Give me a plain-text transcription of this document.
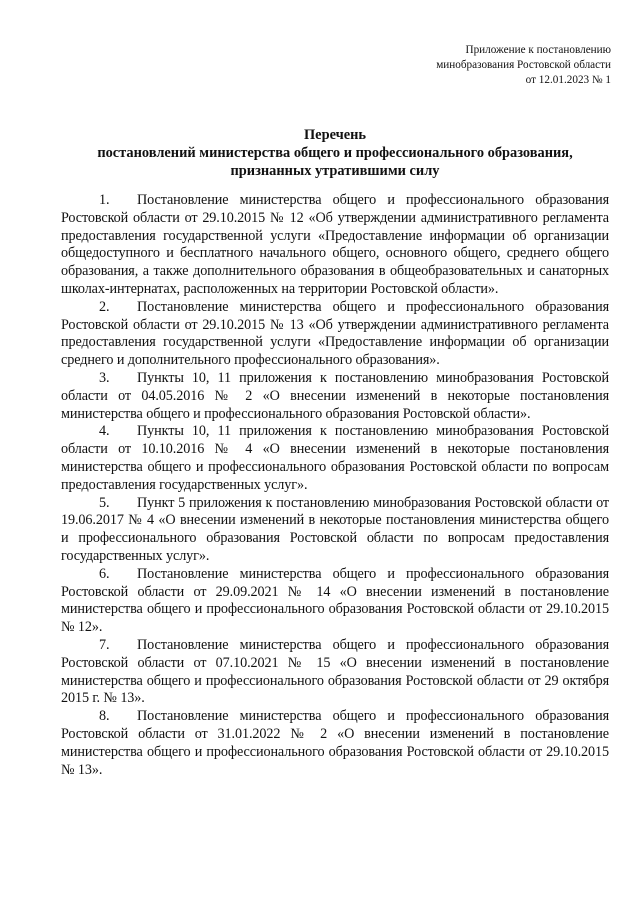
Приложение к постановлению
минобразования Ростовской области
от 12.01.2023 № 1
Перечень
постановлений министерства общего и профессионального образования,
признанных утратившими силу

1. Постановление министерства общего и профессионального образования Ростовской области от 29.10.2015 № 12 «Об утверждении административного регламента предоставления государственной услуги «Предоставление информации об организации общедоступного и бесплатного начального общего, основного общего, среднего общего образования, а также дополнительного образования в общеобразовательных и санаторных школах-интернатах, расположенных на территории Ростовской области».

2. Постановление министерства общего и профессионального образования Ростовской области от 29.10.2015 № 13 «Об утверждении административного регламента предоставления государственной услуги «Предоставление информации об организации среднего и дополнительного профессионального образования».

3. Пункты 10, 11 приложения к постановлению минобразования Ростовской области от 04.05.2016 № 2 «О внесении изменений в некоторые постановления министерства общего и профессионального образования Ростовской области».

4. Пункты 10, 11 приложения к постановлению минобразования Ростовской области от 10.10.2016 № 4 «О внесении изменений в некоторые постановления министерства общего и профессионального образования Ростовской области по вопросам предоставления государственных услуг».

5. Пункт 5 приложения к постановлению минобразования Ростовской области от 19.06.2017 № 4 «О внесении изменений в некоторые постановления министерства общего и профессионального образования Ростовской области по вопросам предоставления государственных услуг».

6. Постановление министерства общего и профессионального образования Ростовской области от 29.09.2021 № 14 «О внесении изменений в постановление министерства общего и профессионального образования Ростовской области от 29.10.2015 № 12».

7. Постановление министерства общего и профессионального образования Ростовской области от 07.10.2021 № 15 «О внесении изменений в постановление министерства общего и профессионального образования Ростовской области от 29 октября 2015 г. № 13».

8. Постановление министерства общего и профессионального образования Ростовской области от 31.01.2022 № 2 «О внесении изменений в постановление министерства общего и профессионального образования Ростовской области от 29.10.2015 № 13».
